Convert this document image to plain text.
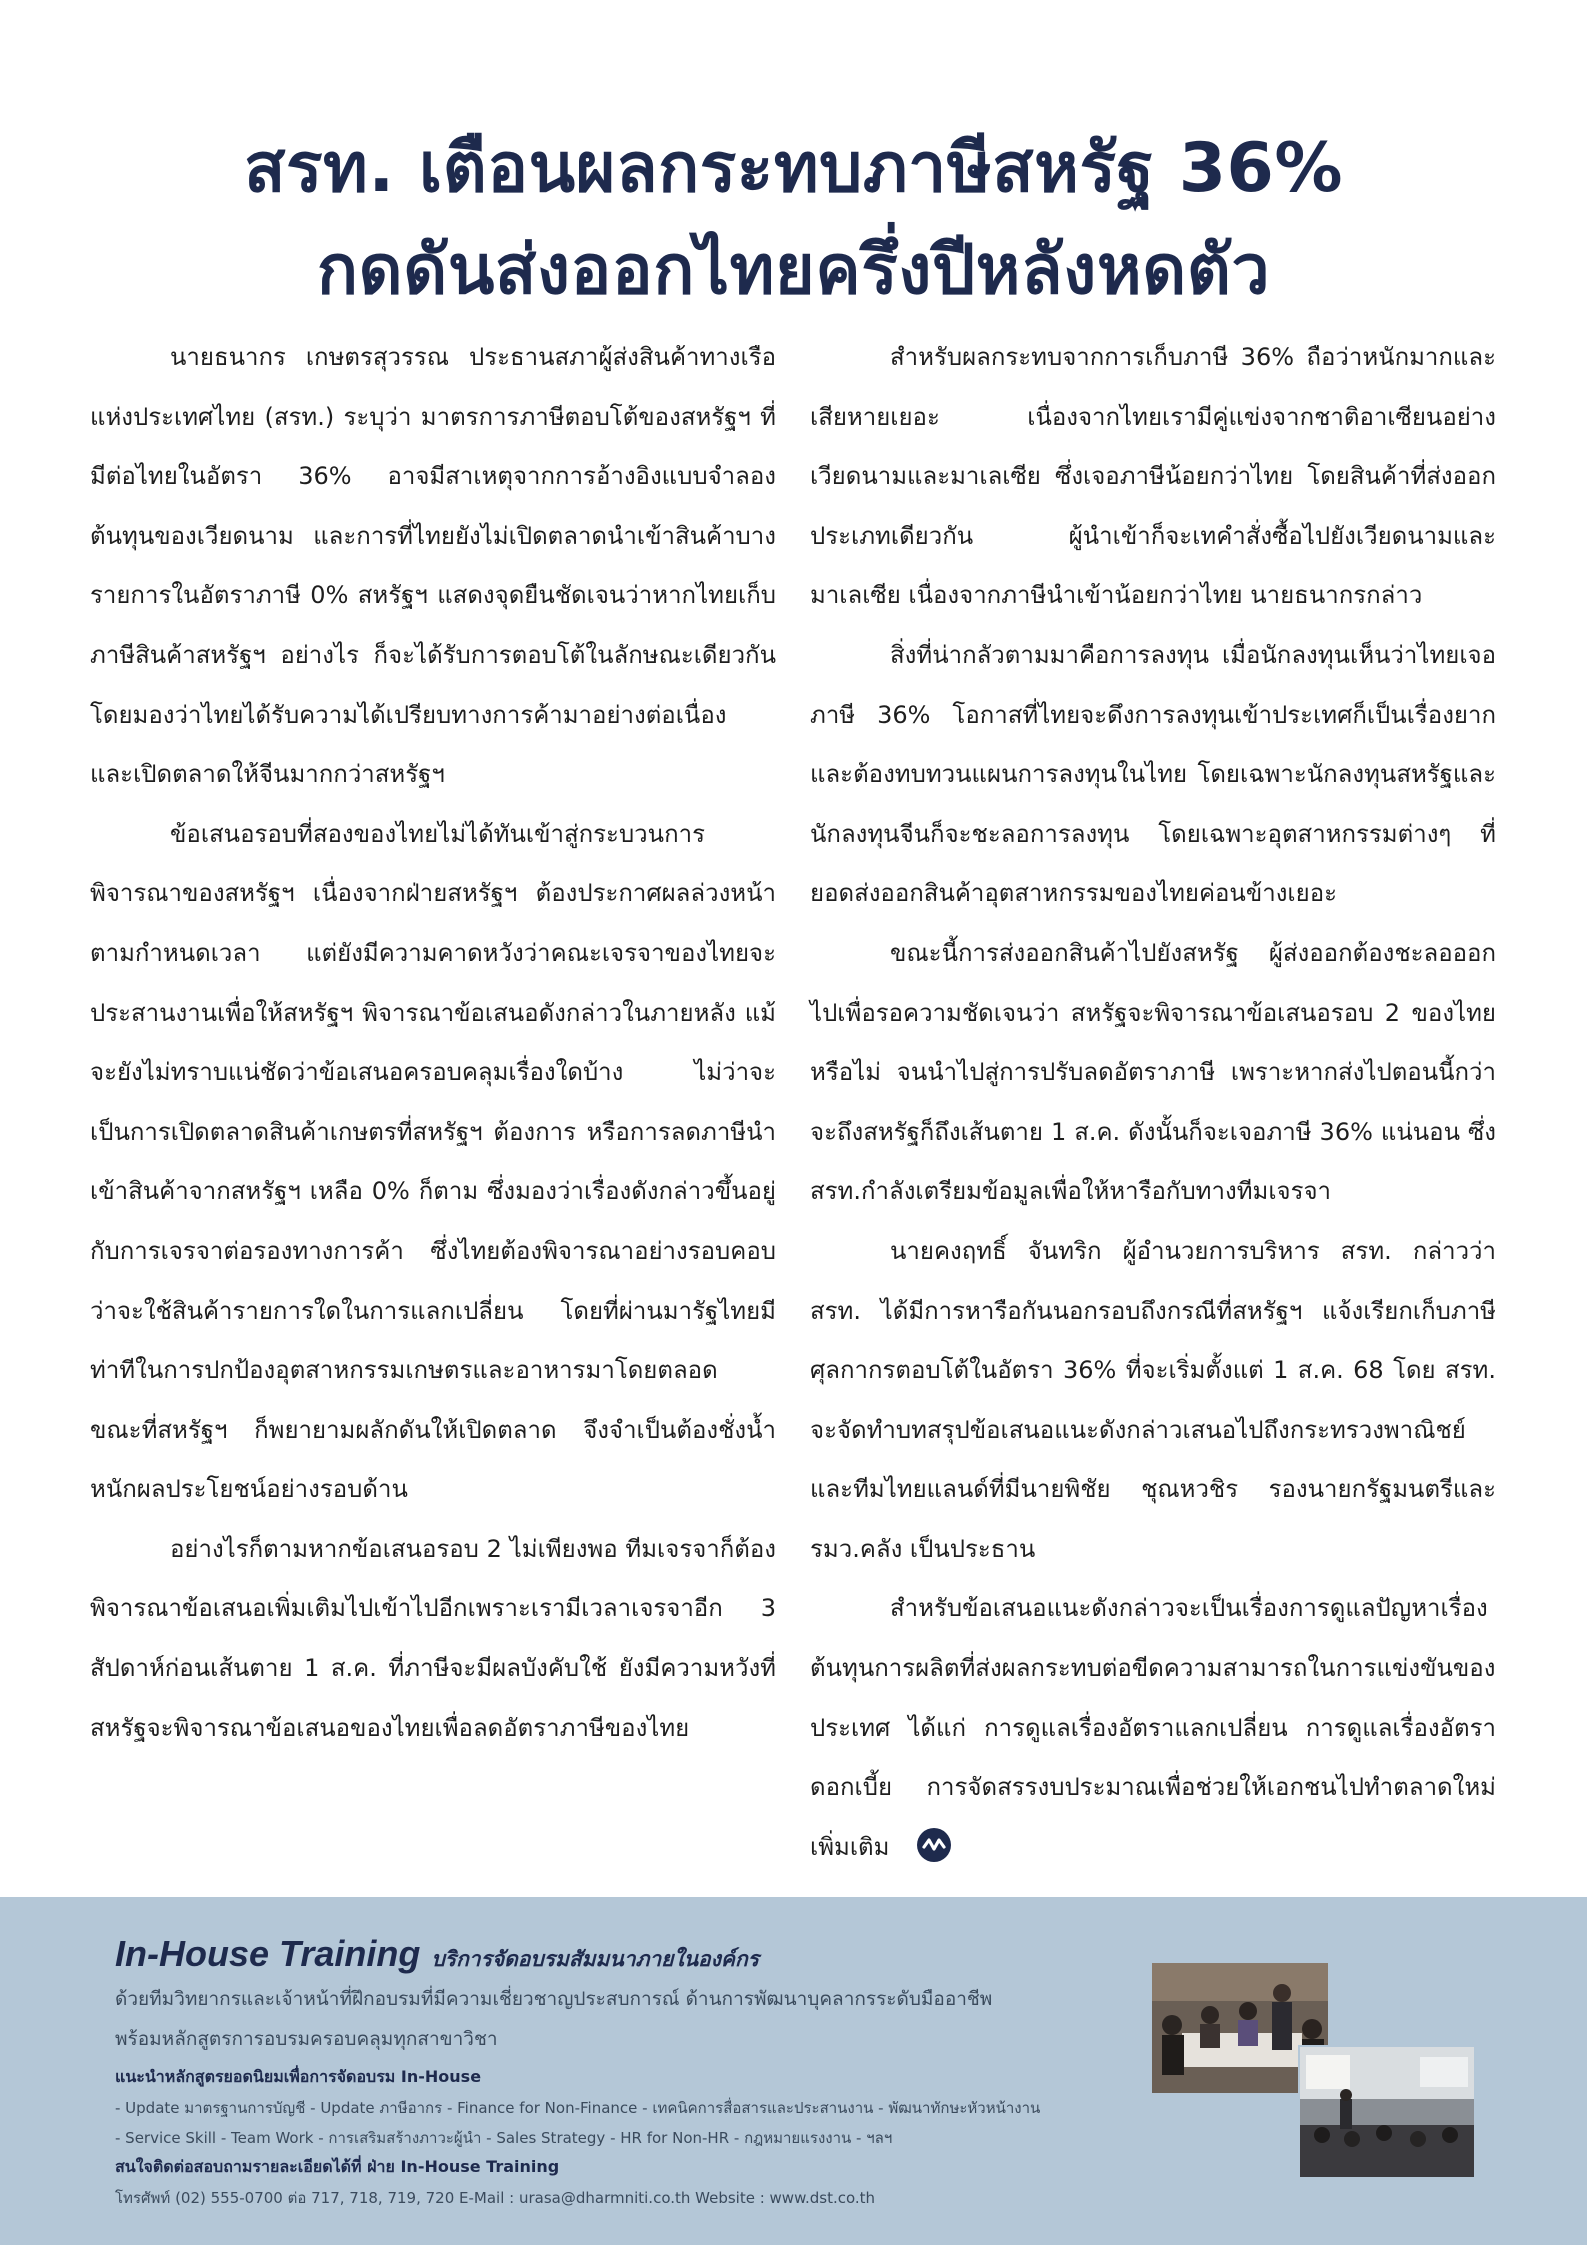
สรท. เตือนผลกระทบภาษีสหรัฐ 36%
กดดันส่งออกไทยครึ่งปีหลังหดตัว

นายธนากร เกษตรสุวรรณ ประธานสภาผู้ส่งสินค้าทางเรือแห่งประเทศไทย (สรท.) ระบุว่า มาตรการภาษีตอบโต้ของสหรัฐฯ ที่มีต่อไทยในอัตรา 36% อาจมีสาเหตุจากการอ้างอิงแบบจำลองต้นทุนของเวียดนาม และการที่ไทยยังไม่เปิดตลาดนำเข้าสินค้าบางรายการในอัตราภาษี 0% สหรัฐฯ แสดงจุดยืนชัดเจนว่าหากไทยเก็บภาษีสินค้าสหรัฐฯ อย่างไร ก็จะได้รับการตอบโต้ในลักษณะเดียวกัน โดยมองว่าไทยได้รับความได้เปรียบทางการค้ามาอย่างต่อเนื่อง และเปิดตลาดให้จีนมากกว่าสหรัฐฯ

ข้อเสนอรอบที่สองของไทยไม่ได้ทันเข้าสู่กระบวนการพิจารณาของสหรัฐฯ เนื่องจากฝ่ายสหรัฐฯ ต้องประกาศผลล่วงหน้าตามกำหนดเวลา แต่ยังมีความคาดหวังว่าคณะเจรจาของไทยจะประสานงานเพื่อให้สหรัฐฯ พิจารณาข้อเสนอดังกล่าวในภายหลัง แม้จะยังไม่ทราบแน่ชัดว่าข้อเสนอครอบคลุมเรื่องใดบ้าง ไม่ว่าจะเป็นการเปิดตลาดสินค้าเกษตรที่สหรัฐฯ ต้องการ หรือการลดภาษีนำเข้าสินค้าจากสหรัฐฯ เหลือ 0% ก็ตาม ซึ่งมองว่าเรื่องดังกล่าวขึ้นอยู่กับการเจรจาต่อรองทางการค้า ซึ่งไทยต้องพิจารณาอย่างรอบคอบว่าจะใช้สินค้ารายการใดในการแลกเปลี่ยน โดยที่ผ่านมารัฐไทยมีท่าทีในการปกป้องอุตสาหกรรมเกษตรและอาหารมาโดยตลอด ขณะที่สหรัฐฯ ก็พยายามผลักดันให้เปิดตลาด จึงจำเป็นต้องชั่งน้ำหนักผลประโยชน์อย่างรอบด้าน

อย่างไรก็ตามหากข้อเสนอรอบ 2 ไม่เพียงพอ ทีมเจรจาก็ต้องพิจารณาข้อเสนอเพิ่มเติมไปเข้าไปอีกเพราะเรามีเวลาเจรจาอีก 3 สัปดาห์ก่อนเส้นตาย 1 ส.ค. ที่ภาษีจะมีผลบังคับใช้ ยังมีความหวังที่สหรัฐจะพิจารณาข้อเสนอของไทยเพื่อลดอัตราภาษีของไทย

สำหรับผลกระทบจากการเก็บภาษี 36% ถือว่าหนักมากและเสียหายเยอะ เนื่องจากไทยเรามีคู่แข่งจากชาติอาเซียนอย่างเวียดนามและมาเลเซีย ซึ่งเจอภาษีน้อยกว่าไทย โดยสินค้าที่ส่งออกประเภทเดียวกัน ผู้นำเข้าก็จะเทคำสั่งซื้อไปยังเวียดนามและมาเลเซีย เนื่องจากภาษีนำเข้าน้อยกว่าไทย นายธนากรกล่าว

สิ่งที่น่ากลัวตามมาคือการลงทุน เมื่อนักลงทุนเห็นว่าไทยเจอภาษี 36% โอกาสที่ไทยจะดึงการลงทุนเข้าประเทศก็เป็นเรื่องยากและต้องทบทวนแผนการลงทุนในไทย โดยเฉพาะนักลงทุนสหรัฐและนักลงทุนจีนก็จะชะลอการลงทุน โดยเฉพาะอุตสาหกรรมต่างๆ ที่ยอดส่งออกสินค้าอุตสาหกรรมของไทยค่อนข้างเยอะ

ขณะนี้การส่งออกสินค้าไปยังสหรัฐ ผู้ส่งออกต้องชะลอออกไปเพื่อรอความชัดเจนว่า สหรัฐจะพิจารณาข้อเสนอรอบ 2 ของไทยหรือไม่ จนนำไปสู่การปรับลดอัตราภาษี เพราะหากส่งไปตอนนี้กว่าจะถึงสหรัฐก็ถึงเส้นตาย 1 ส.ค. ดังนั้นก็จะเจอภาษี 36% แน่นอน ซึ่งสรท.กำลังเตรียมข้อมูลเพื่อให้หารือกับทางทีมเจรจา

นายคงฤทธิ์ จันทริก ผู้อำนวยการบริหาร สรท. กล่าวว่า สรท. ได้มีการหารือกันนอกรอบถึงกรณีที่สหรัฐฯ แจ้งเรียกเก็บภาษีศุลกากรตอบโต้ในอัตรา 36% ที่จะเริ่มตั้งแต่ 1 ส.ค. 68 โดย สรท. จะจัดทำบทสรุปข้อเสนอแนะดังกล่าวเสนอไปถึงกระทรวงพาณิชย์ และทีมไทยแลนด์ที่มีนายพิชัย ชุณหวชิร รองนายกรัฐมนตรีและ รมว.คลัง เป็นประธาน

สำหรับข้อเสนอแนะดังกล่าวจะเป็นเรื่องการดูแลปัญหาเรื่องต้นทุนการผลิตที่ส่งผลกระทบต่อขีดความสามารถในการแข่งขันของประเทศ ได้แก่ การดูแลเรื่องอัตราแลกเปลี่ยน การดูแลเรื่องอัตราดอกเบี้ย การจัดสรรงบประมาณเพื่อช่วยให้เอกชนไปทำตลาดใหม่เพิ่มเติม

In-House Training บริการจัดอบรมสัมมนาภายในองค์กร
ด้วยทีมวิทยากรและเจ้าหน้าที่ฝึกอบรมที่มีความเชี่ยวชาญประสบการณ์ ด้านการพัฒนาบุคลากรระดับมืออาชีพ
พร้อมหลักสูตรการอบรมครอบคลุมทุกสาขาวิชา
แนะนำหลักสูตรยอดนิยมเพื่อการจัดอบรม In-House
- Update มาตรฐานการบัญชี - Update ภาษีอากร - Finance for Non-Finance - เทคนิคการสื่อสารและประสานงาน - พัฒนาทักษะหัวหน้างาน
- Service Skill - Team Work - การเสริมสร้างภาวะผู้นำ - Sales Strategy - HR for Non-HR - กฎหมายแรงงาน - ฯลฯ
สนใจติดต่อสอบถามรายละเอียดได้ที่ ฝ่าย In-House Training
โทรศัพท์ (02) 555-0700 ต่อ 717, 718, 719, 720 E-Mail : urasa@dharmniti.co.th Website : www.dst.co.th
